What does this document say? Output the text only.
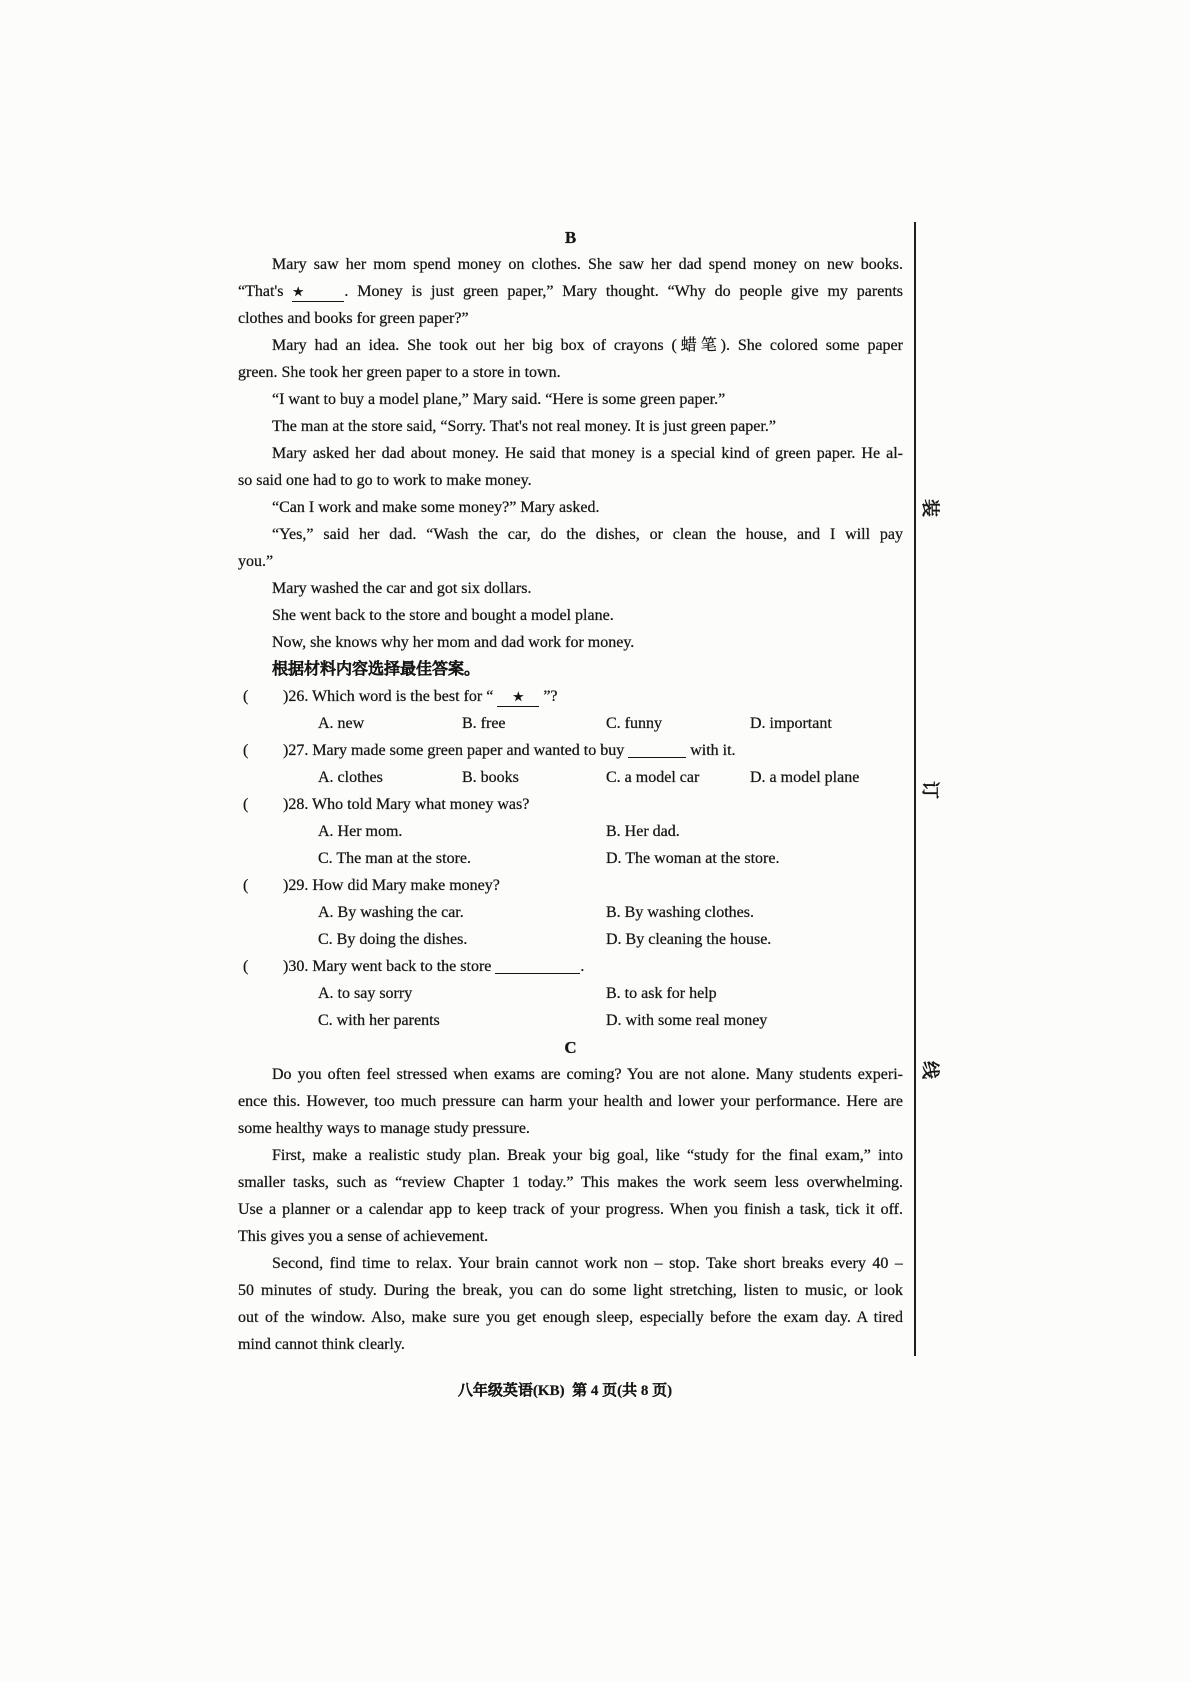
B
Mary saw her mom spend money on clothes. She saw her dad spend money on new books.
“That's ★	. Money is just green paper,” Mary thought. “Why do people give my parents
clothes and books for green paper?”
Mary had an idea. She took out her big box of crayons (蜡笔). She colored some paper
green. She took her green paper to a store in town.
“I want to buy a model plane,” Mary said. “Here is some green paper.”
The man at the store said, “Sorry. That's not real money. It is just green paper.”
Mary asked her dad about money. He said that money is a special kind of green paper. He al-
so said one had to go to work to make money.
“Can I work and make some money?” Mary asked.
“Yes,” said her dad. “Wash the car, do the dishes, or clean the house, and I will pay
you.”
Mary washed the car and got six dollars.
She went back to the store and bought a model plane.
Now, she knows why her mom and dad work for money.
根据材料内容选择最佳答案。
( )26. Which word is the best for “ ★ ”?
A. new	B. free	C. funny	D. important
( )27. Mary made some green paper and wanted to buy	with it.
A. clothes	B. books	C. a model car	D. a model plane
( )28. Who told Mary what money was?
A. Her mom.	B. Her dad.
C. The man at the store.	D. The woman at the store.
( )29. How did Mary make money?
A. By washing the car.	B. By washing clothes.
C. By doing the dishes.	D. By cleaning the house.
( )30. Mary went back to the store	.
A. to say sorry	B. to ask for help
C. with her parents	D. with some real money
C
Do you often feel stressed when exams are coming? You are not alone. Many students experi-
ence this. However, too much pressure can harm your health and lower your performance. Here are
some healthy ways to manage study pressure.
First, make a realistic study plan. Break your big goal, like “study for the final exam,” into
smaller tasks, such as “review Chapter 1 today.” This makes the work seem less overwhelming.
Use a planner or a calendar app to keep track of your progress. When you finish a task, tick it off.
This gives you a sense of achievement.
Second, find time to relax. Your brain cannot work non – stop. Take short breaks every 40 –
50 minutes of study. During the break, you can do some light stretching, listen to music, or look
out of the window. Also, make sure you get enough sleep, especially before the exam day. A tired
mind cannot think clearly.
装
订
线
八年级英语(KB)  第 4 页(共 8 页)
